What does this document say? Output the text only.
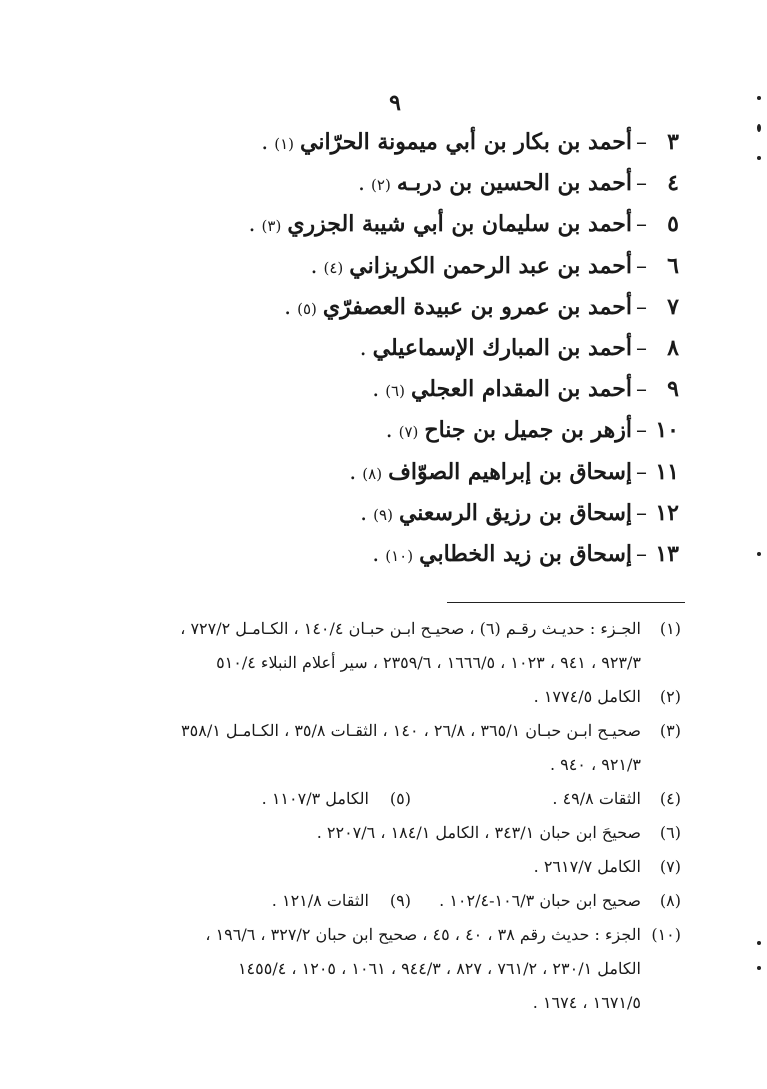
٩
٣–أحمد بن بكار بن أبي ميمونة الحرّاني(١).
٤–أحمد بن الحسين بن دربـه(٢).
٥–أحمد بن سليمان بن أبي شيبة الجزري(٣).
٦–أحمد بن عبد الرحمن الكريزاني(٤).
٧–أحمد بن عمرو بن عبيدة العصفرّي(٥).
٨–أحمد بن المبارك الإسماعيلي.
٩–أحمد بن المقدام العجلي(٦).
١٠–أزهر بن جميل بن جناح(٧).
١١–إسحاق بن إبراهيم الصوّاف(٨).
١٢–إسحاق بن رزيق الرسعني(٩).
١٣–إسحاق بن زيد الخطابي(١٠).
(١)
الجـزء : حديـث رقـم (٦) ، صحيـح ابـن حبـان ١٤٠/٤ ، الكـامـل ٧٢٧/٢ ،
٩٢٣/٣ ، ٩٤١ ، ١٠٢٣ ، ١٦٦٦/٥ ، ٢٣٥٩/٦ ، سير أعلام النبلاء ٥١٠/٤
(٢)
الكامل ١٧٧٤/٥ .
(٣)
صحيـح ابـن حبـان ٣٦٥/١ ، ٢٦/٨ ، ١٤٠ ، الثقـات ٣٥/٨ ، الكـامـل ٣٥٨/١
٩٢١/٣ ، ٩٤٠ .
(٤)
الثقات ٤٩/٨ .
(٥)
الكامل ١١٠٧/٣ .
(٦)
صحيحَ ابن حبان ٣٤٣/١ ، الكامل ١٨٤/١ ، ٢٢٠٧/٦ .
(٧)
الكامل ٢٦١٧/٧ .
(٨)
صحيح ابن حبان ١٠٦/٣-١٠٢/٤ .
(٩)
الثقات ١٢١/٨ .
(١٠)
الجزء : حديث رقم ٣٨ ، ٤٠ ، ٤٥ ، صحيح ابن حبان ٣٢٧/٢ ، ١٩٦/٦ ،
الكامل ٢٣٠/١ ، ٧٦١/٢ ، ٨٢٧ ، ٩٤٤/٣ ، ١٠٦١ ، ١٢٠٥ ، ١٤٥٥/٤
١٦٧١/٥ ، ١٦٧٤ .
